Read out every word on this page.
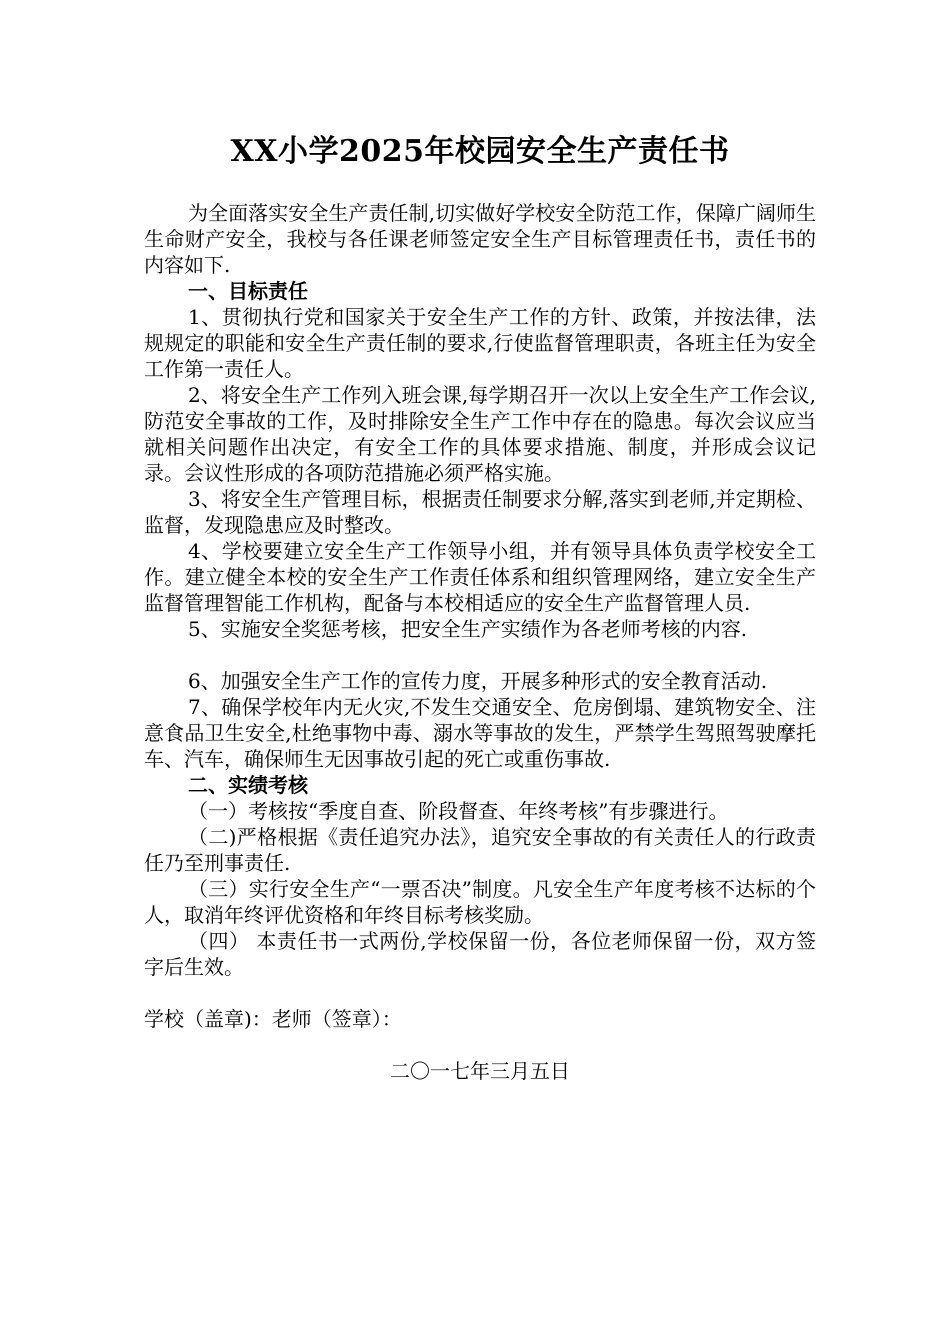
XX小学2025年校园安全生产责任书

为全面落实安全生产责任制,切实做好学校安全防范工作，保障广阔师生生命财产安全，我校与各任课老师签定安全生产目标管理责任书，责任书的内容如下.

一、目标责任

1、贯彻执行党和国家关于安全生产工作的方针、政策，并按法律，法规规定的职能和安全生产责任制的要求,行使监督管理职责，各班主任为安全工作第一责任人。

2、将安全生产工作列入班会课,每学期召开一次以上安全生产工作会议,防范安全事故的工作，及时排除安全生产工作中存在的隐患。每次会议应当就相关问题作出决定，有安全工作的具体要求措施、制度，并形成会议记录。会议性形成的各项防范措施必须严格实施。

3、将安全生产管理目标，根据责任制要求分解,落实到老师,并定期检、监督，发现隐患应及时整改。

4、学校要建立安全生产工作领导小组，并有领导具体负责学校安全工作。建立健全本校的安全生产工作责任体系和组织管理网络，建立安全生产监督管理智能工作机构，配备与本校相适应的安全生产监督管理人员.

5、实施安全奖惩考核，把安全生产实绩作为各老师考核的内容.

6、加强安全生产工作的宣传力度，开展多种形式的安全教育活动.

7、确保学校年内无火灾,不发生交通安全、危房倒塌、建筑物安全、注意食品卫生安全,杜绝事物中毒、溺水等事故的发生，严禁学生驾照驾驶摩托车、汽车，确保师生无因事故引起的死亡或重伤事故.

二、实绩考核

（一）考核按“季度自查、阶段督查、年终考核”有步骤进行。

（二)严格根据《责任追究办法》，追究安全事故的有关责任人的行政责任乃至刑事责任.

（三）实行安全生产“一票否决”制度。凡安全生产年度考核不达标的个人，取消年终评优资格和年终目标考核奖励。

（四） 本责任书一式两份,学校保留一份，各位老师保留一份，双方签字后生效。

学校（盖章)：老师（签章）：

二〇一七年三月五日
